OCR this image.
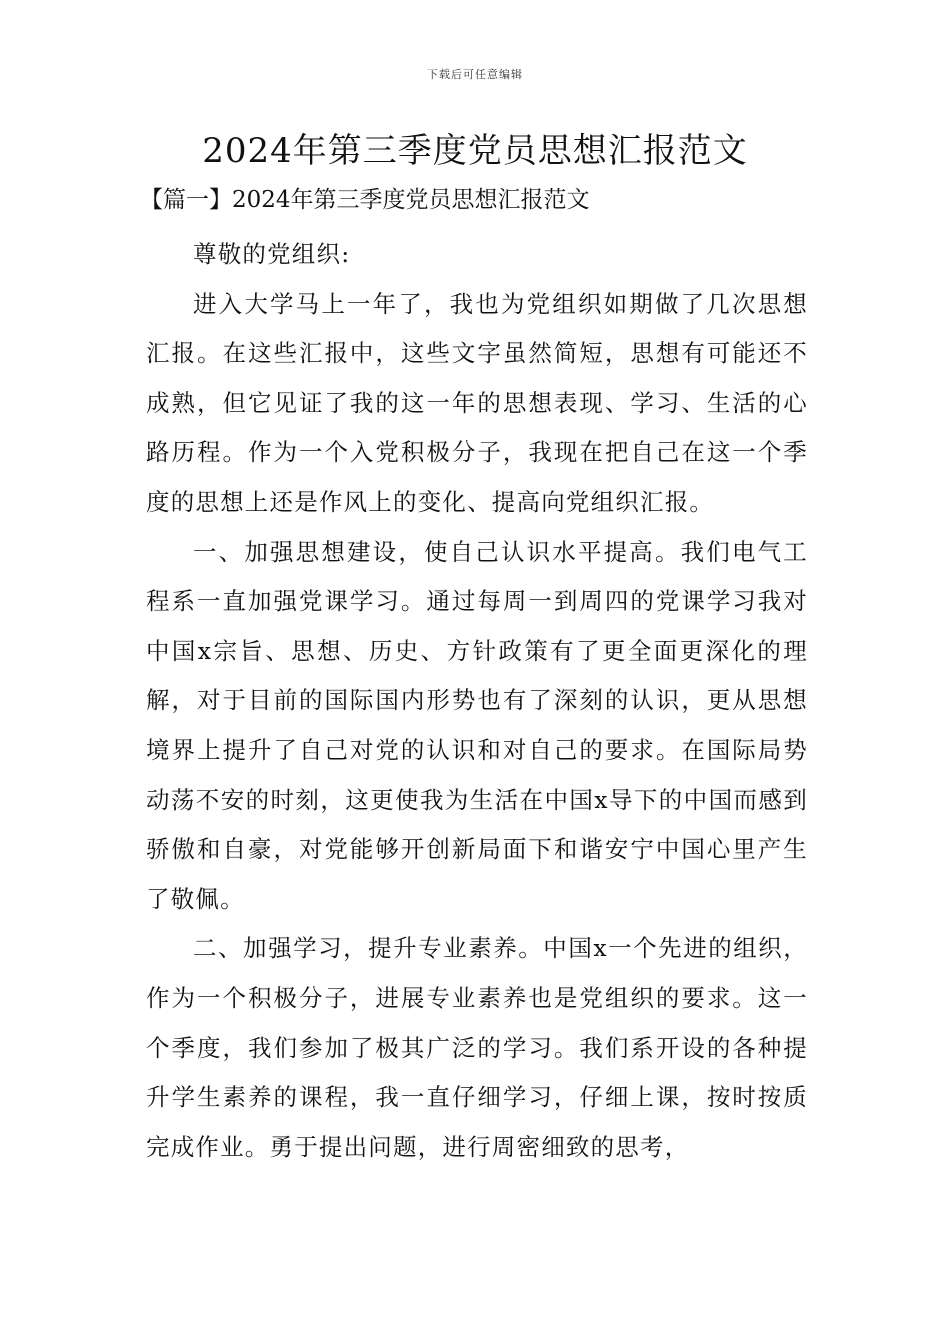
下载后可任意编辑
2024年第三季度党员思想汇报范文
【篇一】2024年第三季度党员思想汇报范文

尊敬的党组织:

进入大学马上一年了，我也为党组织如期做了几次思想汇报。在这些汇报中，这些文字虽然简短，思想有可能还不成熟，但它见证了我的这一年的思想表现、学习、生活的心路历程。作为一个入党积极分子，我现在把自己在这一个季度的思想上还是作风上的变化、提高向党组织汇报。

一、加强思想建设，使自己认识水平提高。我们电气工程系一直加强党课学习。通过每周一到周四的党课学习我对中国x宗旨、思想、历史、方针政策有了更全面更深化的理解，对于目前的国际国内形势也有了深刻的认识，更从思想境界上提升了自己对党的认识和对自己的要求。在国际局势动荡不安的时刻，这更使我为生活在中国x导下的中国而感到骄傲和自豪，对党能够开创新局面下和谐安宁中国心里产生了敬佩。

二、加强学习，提升专业素养。中国x一个先进的组织，作为一个积极分子，进展专业素养也是党组织的要求。这一个季度，我们参加了极其广泛的学习。我们系开设的各种提升学生素养的课程，我一直仔细学习，仔细上课，按时按质完成作业。勇于提出问题，进行周密细致的思考，
